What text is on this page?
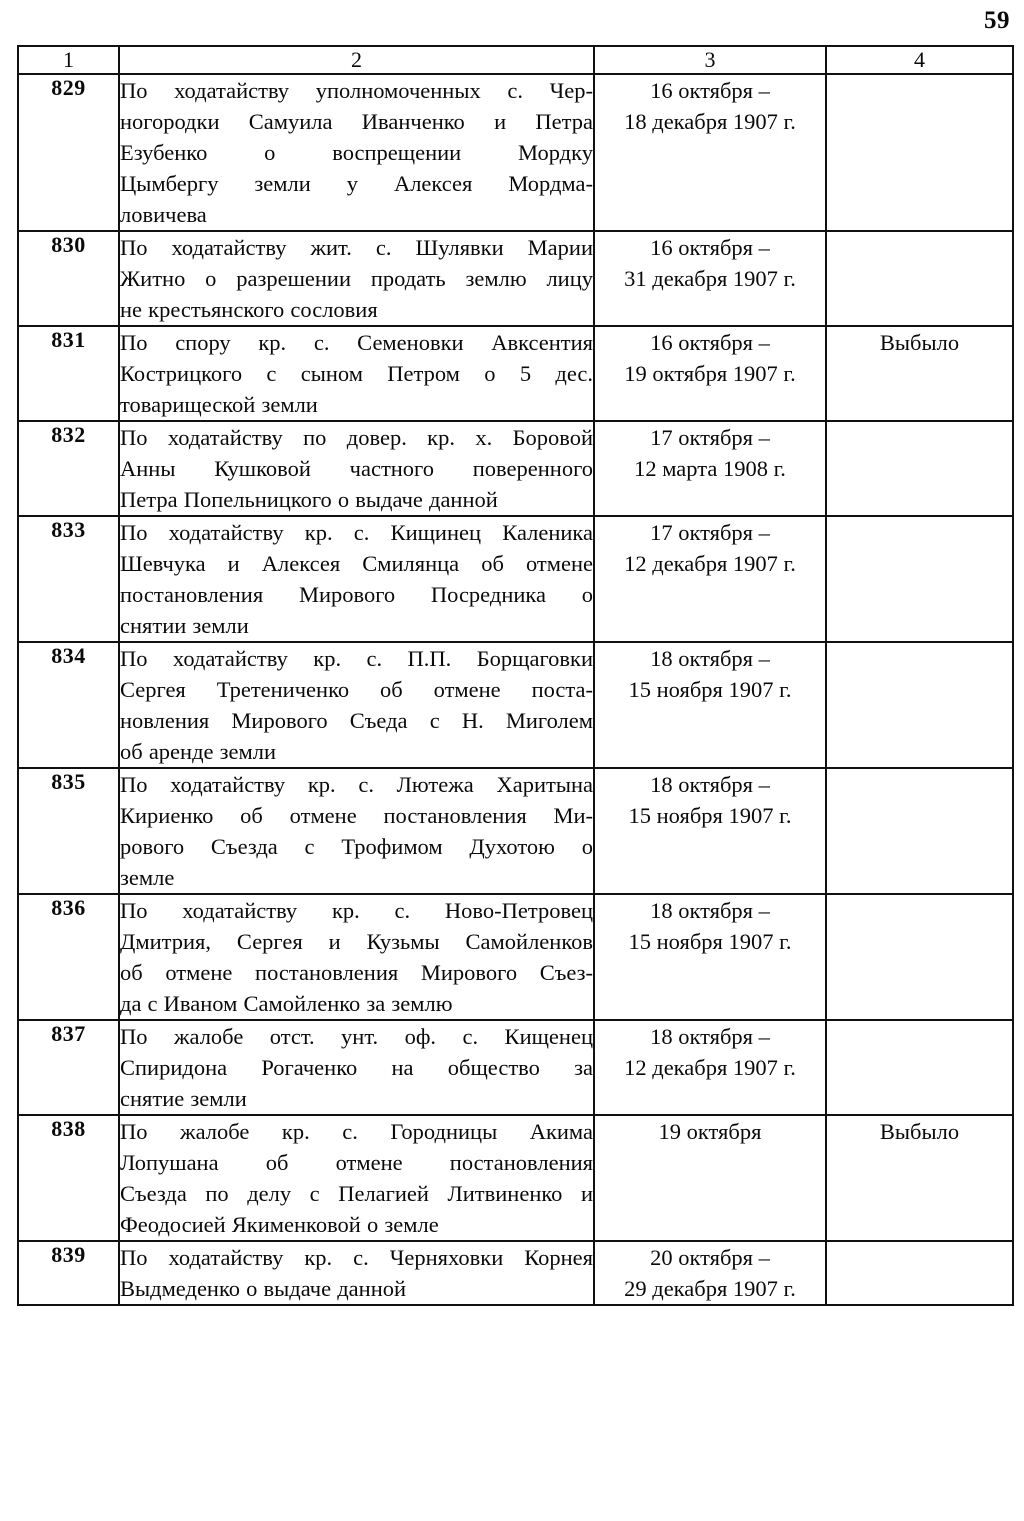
59
1	2	3	4
829	По ходатайству уполномоченных с. Чер-
ногородки Самуила Иванченко и Петра
Езубенко о воспрещении Мордку
Цымбергу земли у Алексея Мордма-
ловичева	16 октября –
18 декабря 1907 г.	

830	По ходатайству жит. с. Шулявки Марии
Житно о разрешении продать землю лицу
не крестьянского сословия	16 октября –
31 декабря 1907 г.	

831	По спору кр. с. Семеновки Авксентия
Кострицкого с сыном Петром о 5 дес.
товарищеской земли	16 октября –
19 октября 1907 г.	Выбыло
832	По ходатайству по довер. кр. х. Боровой
Анны Кушковой частного поверенного
Петра Попельницкого о выдаче данной	17 октября –
12 марта 1908 г.	

833	По ходатайству кр. с. Кищинец Каленика
Шевчука и Алексея Смилянца об отмене
постановления Мирового Посредника о
снятии земли	17 октября –
12 декабря 1907 г.	

834	По ходатайству кр. с. П.П. Борщаговки
Сергея Третениченко об отмене поста-
новления Мирового Съеда с Н. Миголем
об аренде земли	18 октября –
15 ноября 1907 г.	

835	По ходатайству кр. с. Лютежа Харитына
Кириенко об отмене постановления Ми-
рового Съезда с Трофимом Духотою о
земле	18 октября –
15 ноября 1907 г.	

836	По ходатайству кр. с. Ново-Петровец
Дмитрия, Сергея и Кузьмы Самойленков
об отмене постановления Мирового Съез-
да с Иваном Самойленко за землю	18 октября –
15 ноября 1907 г.	

837	По жалобе отст. унт. оф. с. Кищенец
Спиридона Рогаченко на общество за
снятие земли	18 октября –
12 декабря 1907 г.	

838	По жалобе кр. с. Городницы Акима
Лопушана об отмене постановления
Съезда по делу с Пелагией Литвиненко и
Феодосией Якименковой о земле	19 октября	Выбыло
839	По ходатайству кр. с. Черняховки Корнея
Выдмеденко о выдаче данной	20 октября –
29 декабря 1907 г.	
